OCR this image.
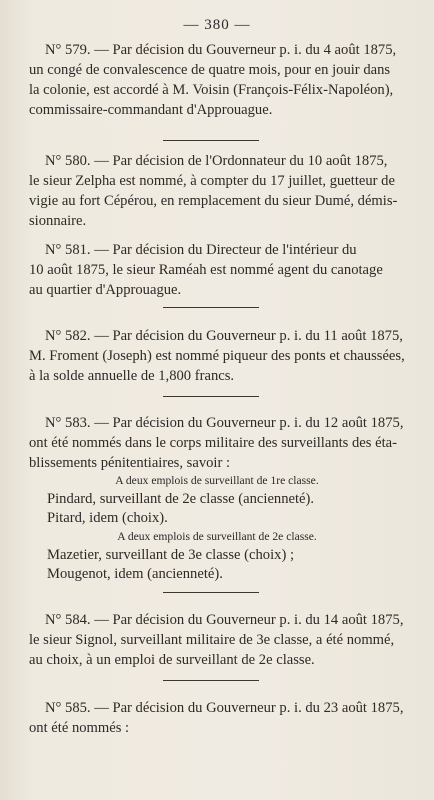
— 380 —
N° 579. — Par décision du Gouverneur p. i. du 4 août 1875,
un congé de convalescence de quatre mois, pour en jouir dans
la colonie, est accordé à M. Voisin (François-Félix-Napoléon),
commissaire-commandant d'Approuague.
N° 580. — Par décision de l'Ordonnateur du 10 août 1875,
le sieur Zelpha est nommé, à compter du 17 juillet, guetteur de
vigie au fort Cépérou, en remplacement du sieur Dumé, démis-
sionnaire.
N° 581. — Par décision du Directeur de l'intérieur du
10 août 1875, le sieur Raméah est nommé agent du canotage
au quartier d'Approuague.
N° 582. — Par décision du Gouverneur p. i. du 11 août 1875,
M. Froment (Joseph) est nommé piqueur des ponts et chaussées,
à la solde annuelle de 1,800 francs.
N° 583. — Par décision du Gouverneur p. i. du 12 août 1875,
ont été nommés dans le corps militaire des surveillants des éta-
blissements pénitentiaires, savoir :
A deux emplois de surveillant de 1re classe.
Pindard, surveillant de 2e classe (ancienneté).
Pitard, idem (choix).
A deux emplois de surveillant de 2e classe.
Mazetier, surveillant de 3e classe (choix) ;
Mougenot, idem (ancienneté).
N° 584. — Par décision du Gouverneur p. i. du 14 août 1875,
le sieur Signol, surveillant militaire de 3e classe, a été nommé,
au choix, à un emploi de surveillant de 2e classe.
N° 585. — Par décision du Gouverneur p. i. du 23 août 1875,
ont été nommés :
